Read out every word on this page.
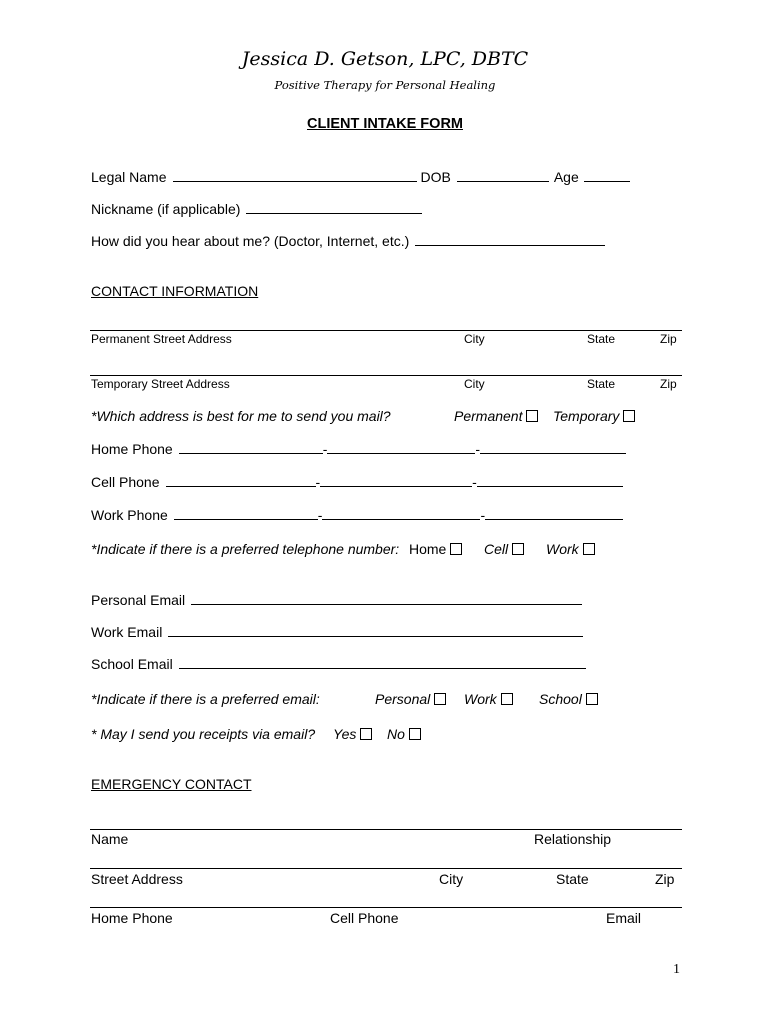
Jessica D. Getson, LPC, DBTC
Positive Therapy for Personal Healing
CLIENT INTAKE FORM
Legal Name	DOB	Age
Nickname (if applicable)
How did you hear about me? (Doctor, Internet, etc.)
CONTACT INFORMATION
Permanent Street Address	City	State	Zip
Temporary Street Address	City	State	Zip
*Which address is best for me to send you mail?	Permanent	Temporary
Home Phone	-	-
Cell Phone	-	-
Work Phone	-	-
*Indicate if there is a preferred telephone number: Home	Cell	Work
Personal Email
Work Email
School Email
*Indicate if there is a preferred email:	Personal	Work	School
* May I send you receipts via email? Yes	No
EMERGENCY CONTACT
Name	Relationship
Street Address	City	State	Zip
Home Phone	Cell Phone	Email
1
